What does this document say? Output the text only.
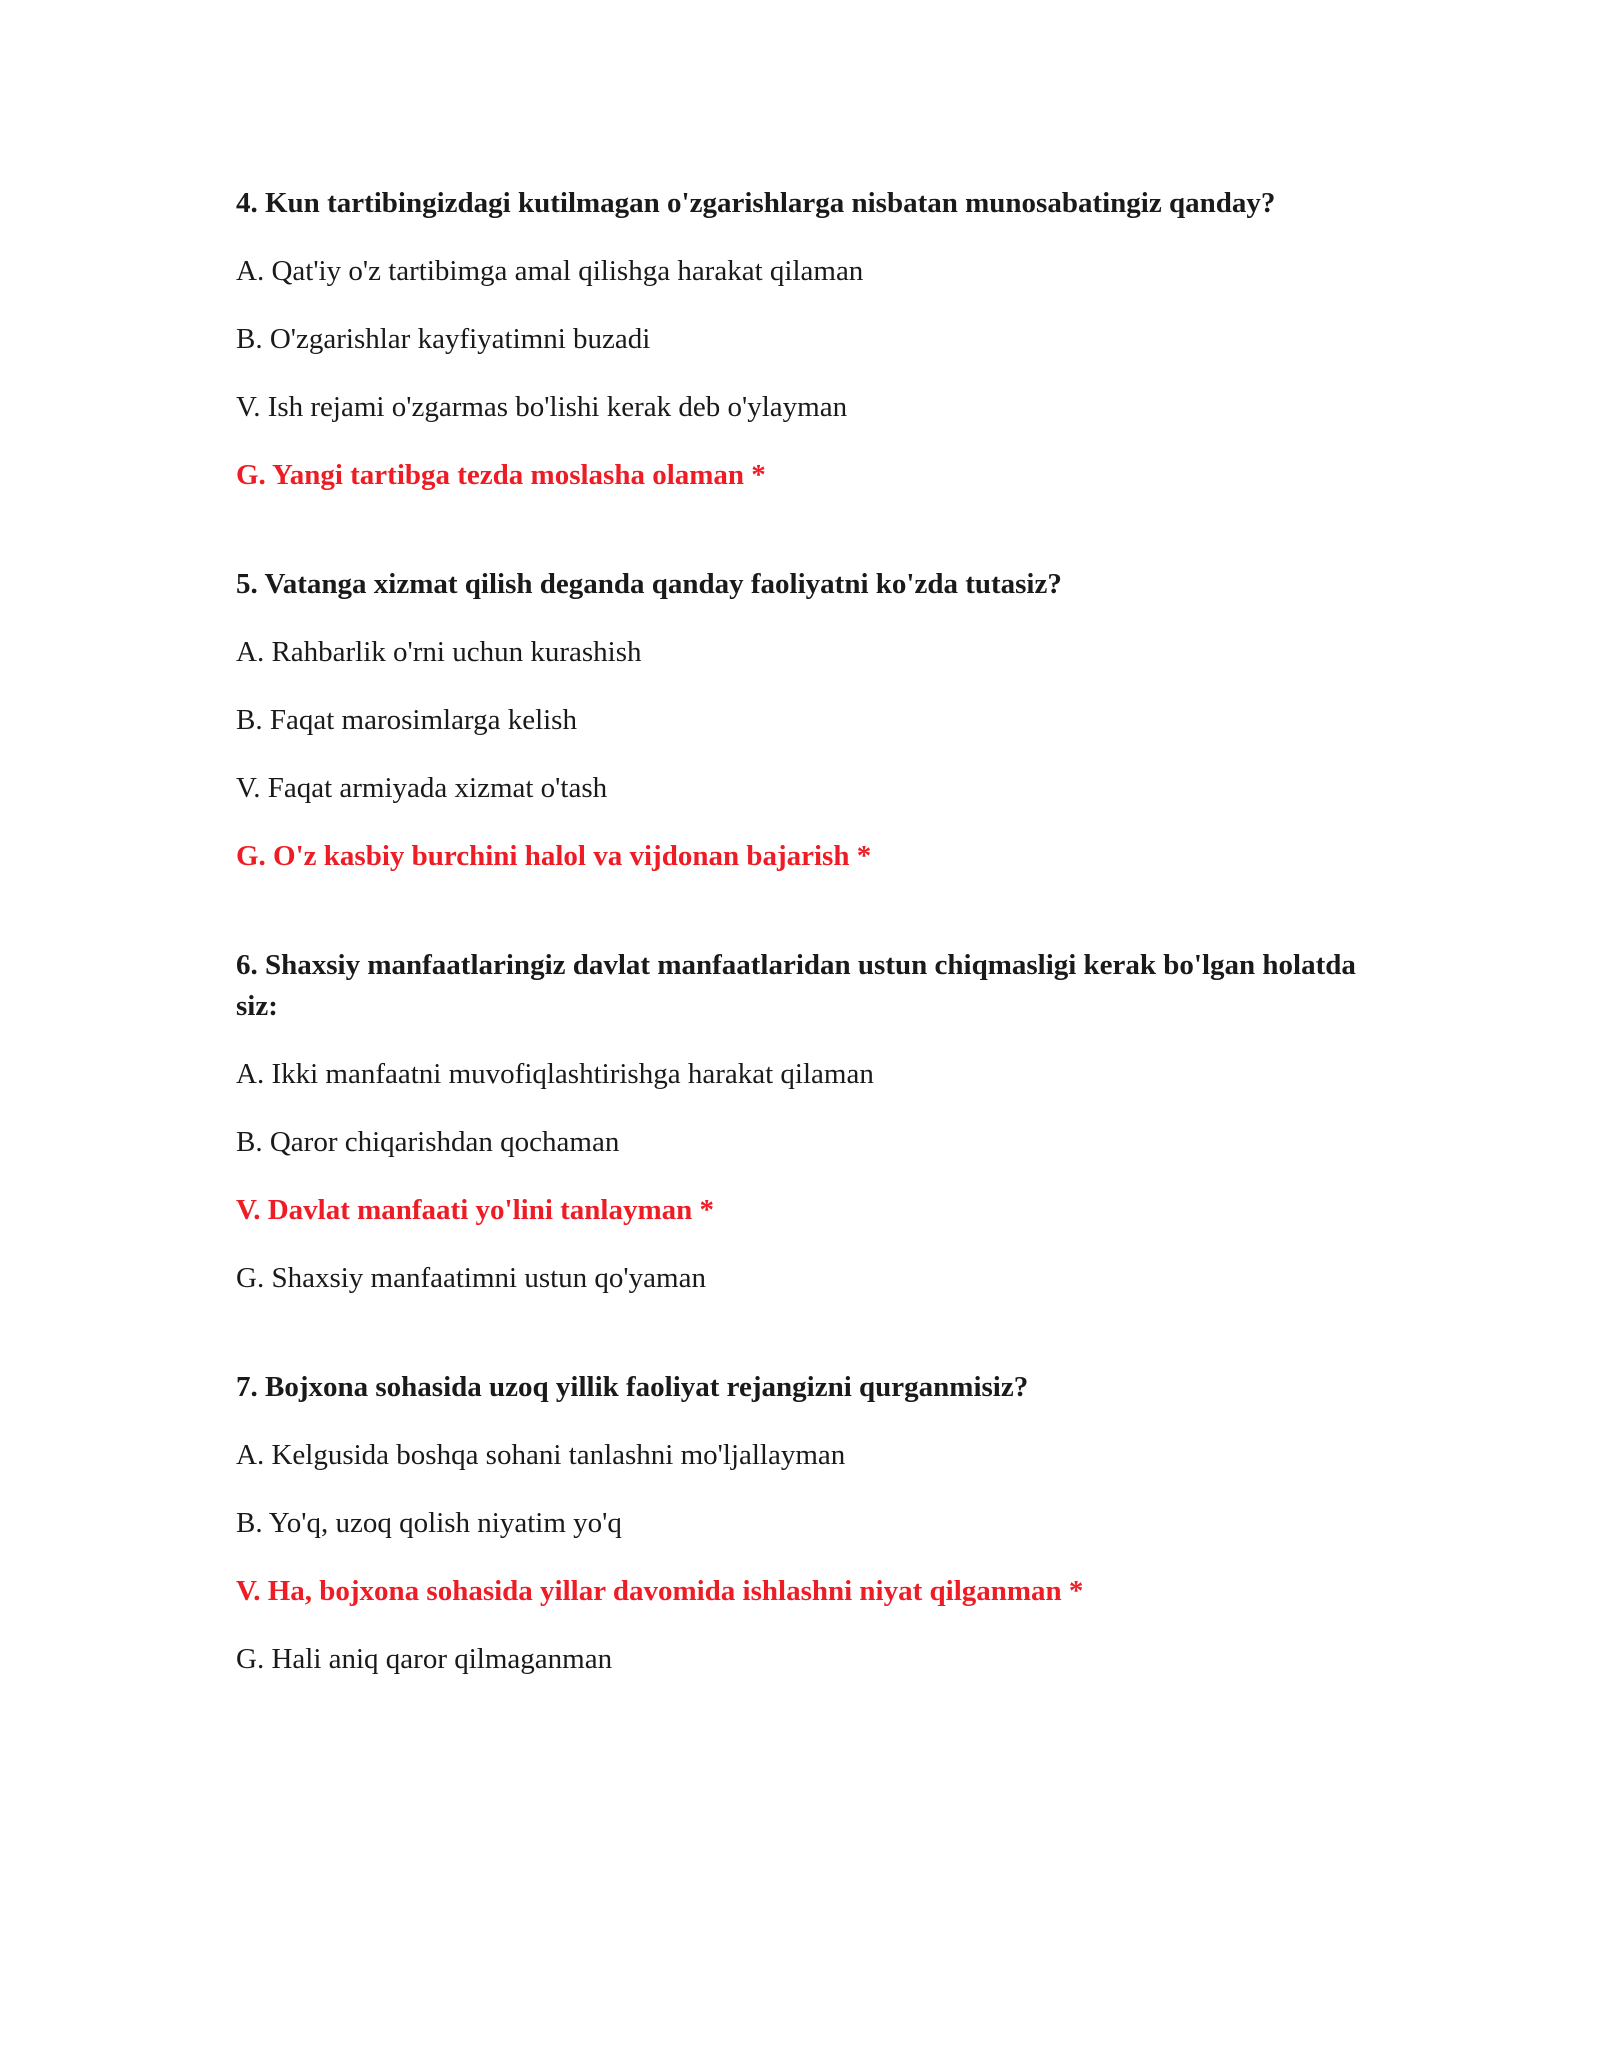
4. Kun tartibingizdagi kutilmagan o'zgarishlarga nisbatan munosabatingiz qanday?
A. Qat'iy o'z tartibimga amal qilishga harakat qilaman
B. O'zgarishlar kayfiyatimni buzadi
V. Ish rejami o'zgarmas bo'lishi kerak deb o'ylayman
G. Yangi tartibga tezda moslasha olaman *
5. Vatanga xizmat qilish deganda qanday faoliyatni ko'zda tutasiz?
A. Rahbarlik o'rni uchun kurashish
B. Faqat marosimlarga kelish
V. Faqat armiyada xizmat o'tash
G. O'z kasbiy burchini halol va vijdonan bajarish *
6. Shaxsiy manfaatlaringiz davlat manfaatlaridan ustun chiqmasligi kerak bo'lgan holatda siz:
A. Ikki manfaatni muvofiqlashtirishga harakat qilaman
B. Qaror chiqarishdan qochaman
V. Davlat manfaati yo'lini tanlayman *
G. Shaxsiy manfaatimni ustun qo'yaman
7. Bojxona sohasida uzoq yillik faoliyat rejangizni qurganmisiz?
A. Kelgusida boshqa sohani tanlashni mo'ljallayman
B. Yo'q, uzoq qolish niyatim yo'q
V. Ha, bojxona sohasida yillar davomida ishlashni niyat qilganman *
G. Hali aniq qaror qilmaganman
